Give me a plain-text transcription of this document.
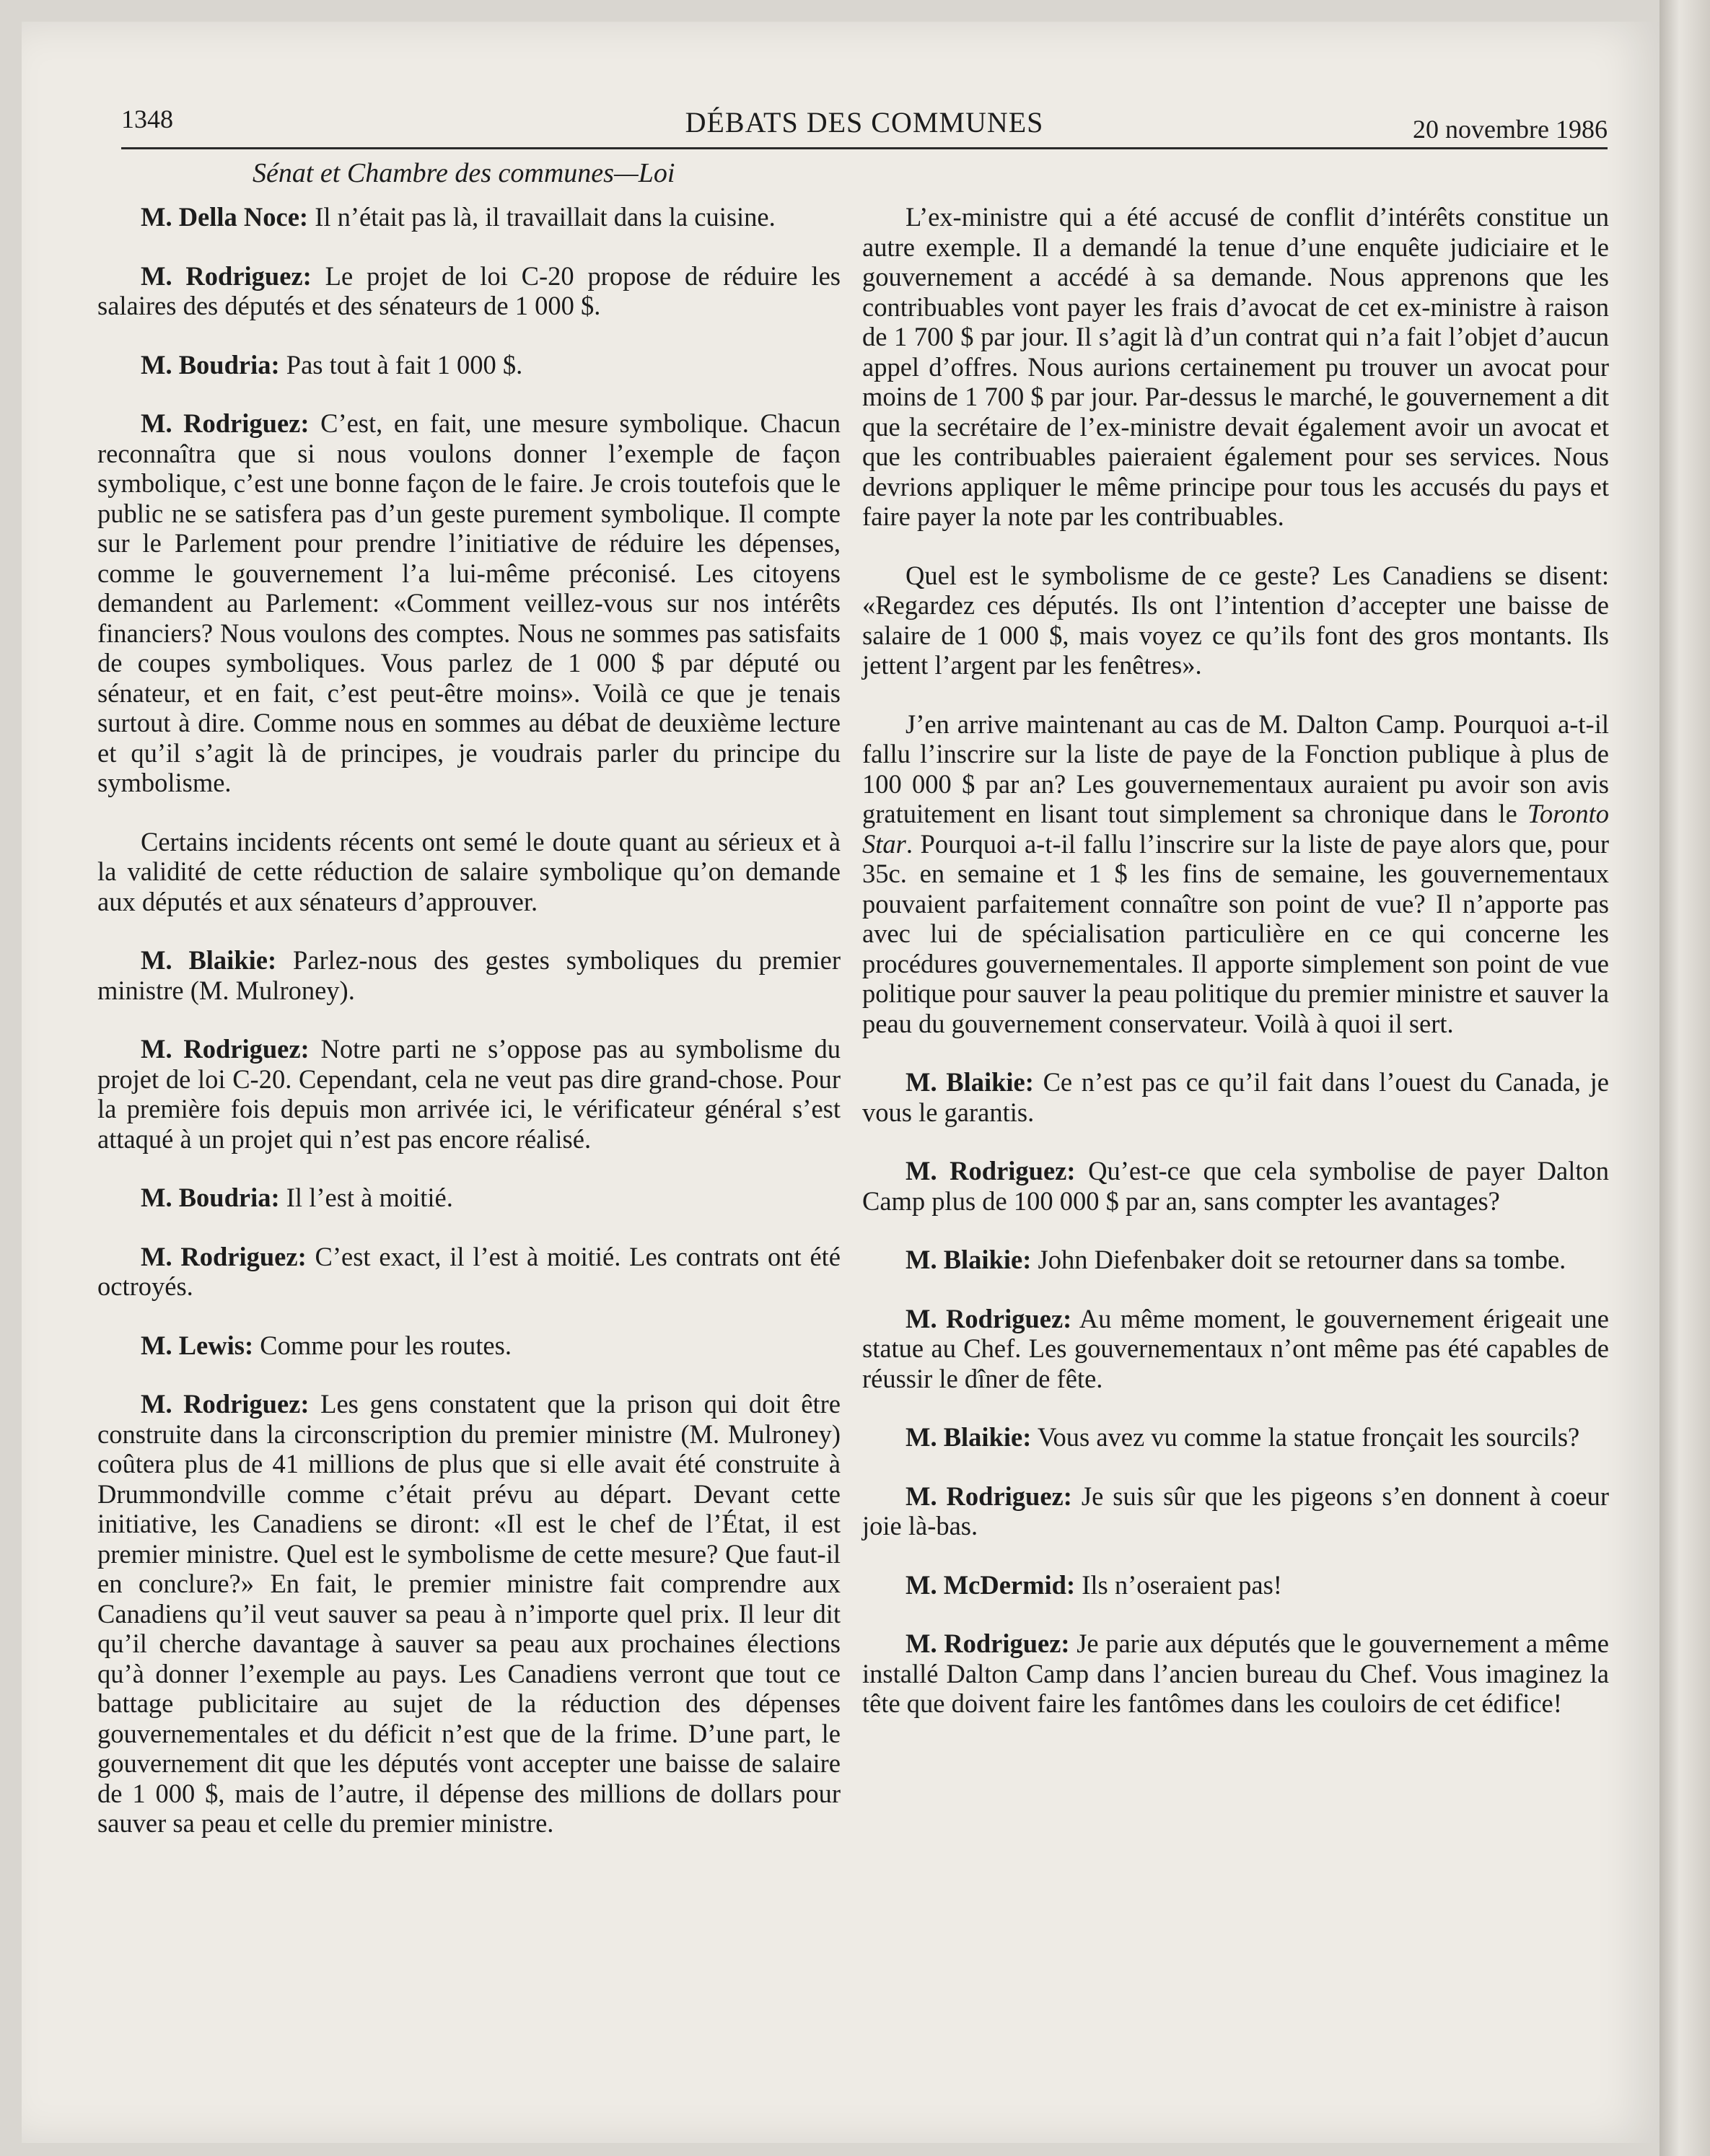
1348	DÉBATS DES COMMUNES	20 novembre 1986
Sénat et Chambre des communes—Loi

M. Della Noce: Il n’était pas là, il travaillait dans la cuisine.

M. Rodriguez: Le projet de loi C-20 propose de réduire les salaires des députés et des sénateurs de 1 000 $.

M. Boudria: Pas tout à fait 1 000 $.

M. Rodriguez: C’est, en fait, une mesure symbolique. Chacun reconnaîtra que si nous voulons donner l’exemple de façon symbolique, c’est une bonne façon de le faire. Je crois toutefois que le public ne se satisfera pas d’un geste purement symbolique. Il compte sur le Parlement pour prendre l’initiative de réduire les dépenses, comme le gouvernement l’a lui-même préconisé. Les citoyens demandent au Parlement: «Comment veillez-vous sur nos intérêts financiers? Nous voulons des comptes. Nous ne sommes pas satisfaits de coupes symboliques. Vous parlez de 1 000 $ par député ou sénateur, et en fait, c’est peut-être moins». Voilà ce que je tenais surtout à dire. Comme nous en sommes au débat de deuxième lecture et qu’il s’agit là de principes, je voudrais parler du principe du symbolisme.

Certains incidents récents ont semé le doute quant au sérieux et à la validité de cette réduction de salaire symbolique qu’on demande aux députés et aux sénateurs d’approuver.

M. Blaikie: Parlez-nous des gestes symboliques du premier ministre (M. Mulroney).

M. Rodriguez: Notre parti ne s’oppose pas au symbolisme du projet de loi C-20. Cependant, cela ne veut pas dire grand-chose. Pour la première fois depuis mon arrivée ici, le vérificateur général s’est attaqué à un projet qui n’est pas encore réalisé.

M. Boudria: Il l’est à moitié.

M. Rodriguez: C’est exact, il l’est à moitié. Les contrats ont été octroyés.

M. Lewis: Comme pour les routes.

M. Rodriguez: Les gens constatent que la prison qui doit être construite dans la circonscription du premier ministre (M. Mulroney) coûtera plus de 41 millions de plus que si elle avait été construite à Drummondville comme c’était prévu au départ. Devant cette initiative, les Canadiens se diront: «Il est le chef de l’État, il est premier ministre. Quel est le symbolisme de cette mesure? Que faut-il en conclure?» En fait, le premier ministre fait comprendre aux Canadiens qu’il veut sauver sa peau à n’importe quel prix. Il leur dit qu’il cherche davantage à sauver sa peau aux prochaines élections qu’à donner l’exemple au pays. Les Canadiens verront que tout ce battage publicitaire au sujet de la réduction des dépenses gouvernementales et du déficit n’est que de la frime. D’une part, le gouvernement dit que les députés vont accepter une baisse de salaire de 1 000 $, mais de l’autre, il dépense des millions de dollars pour sauver sa peau et celle du premier ministre.

L’ex-ministre qui a été accusé de conflit d’intérêts constitue un autre exemple. Il a demandé la tenue d’une enquête judiciaire et le gouvernement a accédé à sa demande. Nous apprenons que les contribuables vont payer les frais d’avocat de cet ex-ministre à raison de 1 700 $ par jour. Il s’agit là d’un contrat qui n’a fait l’objet d’aucun appel d’offres. Nous aurions certainement pu trouver un avocat pour moins de 1 700 $ par jour. Par-dessus le marché, le gouvernement a dit que la secrétaire de l’ex-ministre devait également avoir un avocat et que les contribuables paieraient également pour ses services. Nous devrions appliquer le même principe pour tous les accusés du pays et faire payer la note par les contribuables.

Quel est le symbolisme de ce geste? Les Canadiens se disent: «Regardez ces députés. Ils ont l’intention d’accepter une baisse de salaire de 1 000 $, mais voyez ce qu’ils font des gros montants. Ils jettent l’argent par les fenêtres».

J’en arrive maintenant au cas de M. Dalton Camp. Pourquoi a-t-il fallu l’inscrire sur la liste de paye de la Fonction publique à plus de 100 000 $ par an? Les gouvernementaux auraient pu avoir son avis gratuitement en lisant tout simplement sa chronique dans le Toronto Star. Pourquoi a-t-il fallu l’inscrire sur la liste de paye alors que, pour 35c. en semaine et 1 $ les fins de semaine, les gouvernementaux pouvaient parfaitement connaître son point de vue? Il n’apporte pas avec lui de spécialisation particulière en ce qui concerne les procédures gouvernementales. Il apporte simplement son point de vue politique pour sauver la peau politique du premier ministre et sauver la peau du gouvernement conservateur. Voilà à quoi il sert.

M. Blaikie: Ce n’est pas ce qu’il fait dans l’ouest du Canada, je vous le garantis.

M. Rodriguez: Qu’est-ce que cela symbolise de payer Dalton Camp plus de 100 000 $ par an, sans compter les avantages?

M. Blaikie: John Diefenbaker doit se retourner dans sa tombe.

M. Rodriguez: Au même moment, le gouvernement érigeait une statue au Chef. Les gouvernementaux n’ont même pas été capables de réussir le dîner de fête.

M. Blaikie: Vous avez vu comme la statue fronçait les sourcils?

M. Rodriguez: Je suis sûr que les pigeons s’en donnent à coeur joie là-bas.

M. McDermid: Ils n’oseraient pas!

M. Rodriguez: Je parie aux députés que le gouvernement a même installé Dalton Camp dans l’ancien bureau du Chef. Vous imaginez la tête que doivent faire les fantômes dans les couloirs de cet édifice!
